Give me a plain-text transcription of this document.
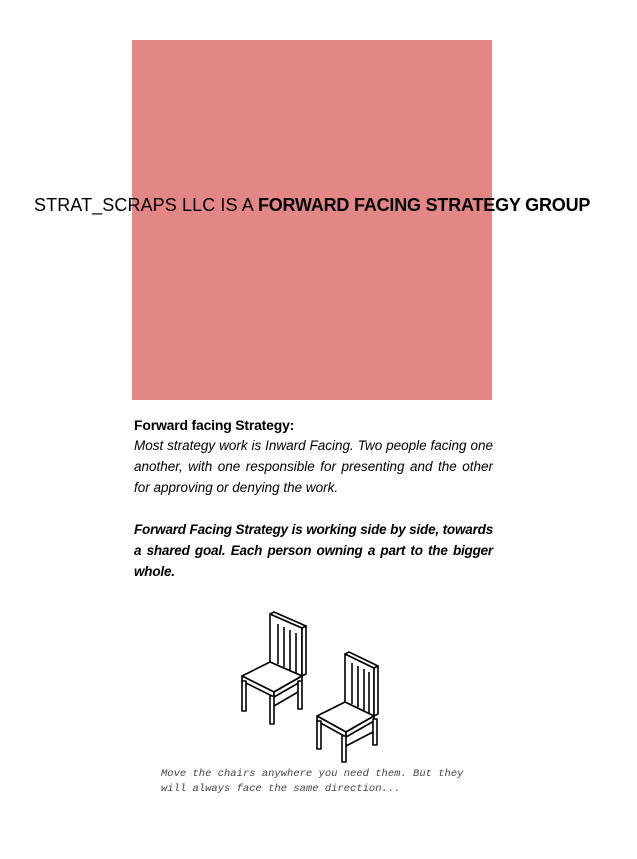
STRAT_SCRAPS LLC IS A FORWARD FACING STRATEGY GROUP

Forward facing Strategy:

Most strategy work is Inward Facing. Two people facing one another, with one responsible for presenting and the other for approving or denying the work.

Forward Facing Strategy is working side by side, towards a shared goal. Each person owning a part to the bigger whole.

Move the chairs anywhere you need them. But they
will always face the same direction...
